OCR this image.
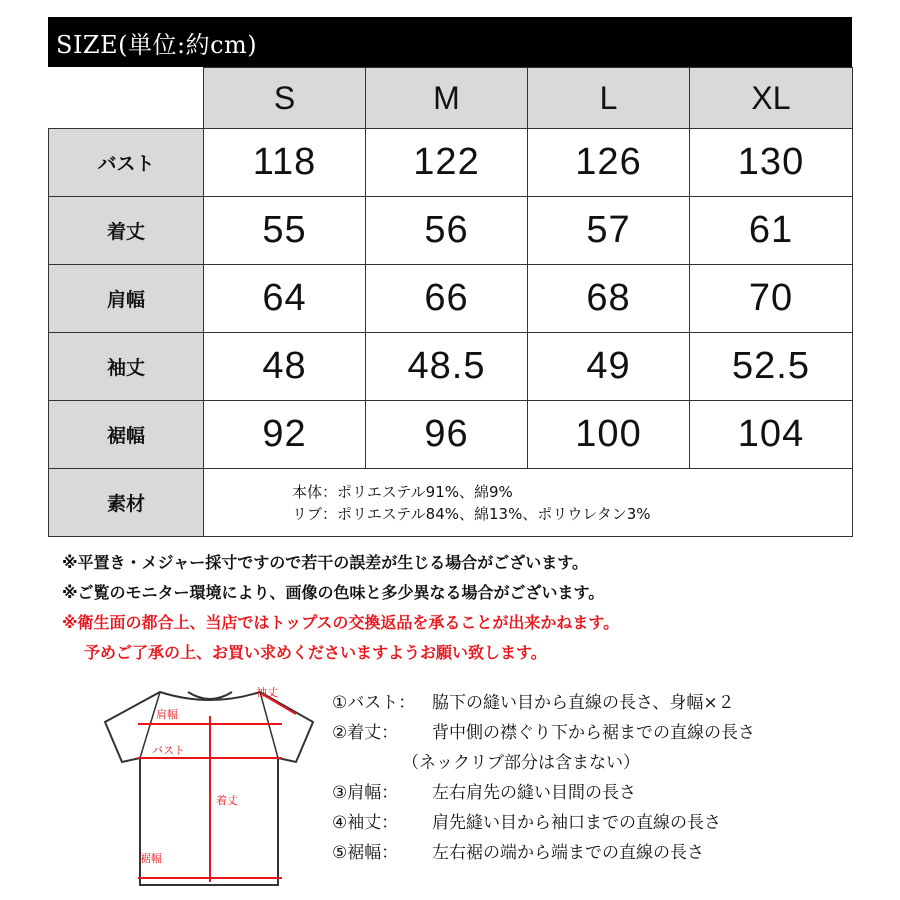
SIZE(単位:約cm)
	S	M	L	XL
バスト	118	122	126	130
着丈	55	56	57	61
肩幅	64	66	68	70
袖丈	48	48.5	49	52.5
裾幅	92	96	100	104
素材	本体：ポリエステル91%、綿9%
リブ：ポリエステル84%、綿13%、ポリウレタン3%			
※平置き・メジャー採寸ですので若干の誤差が生じる場合がございます。
※ご覧のモニター環境により、画像の色味と多少異なる場合がございます。
※衛生面の都合上、当店ではトップスの交換返品を承ることが出来かねます。
予めご了承の上、お買い求めくださいますようお願い致します。
袖丈
肩幅
バスト
着丈
裾幅
①バスト： 脇下の縫い目から直線の長さ、身幅×２
②着丈： 背中側の襟ぐり下から裾までの直線の長さ
（ネックリブ部分は含まない）
③肩幅： 左右肩先の縫い目間の長さ
④袖丈： 肩先縫い目から袖口までの直線の長さ
⑤裾幅： 左右裾の端から端までの直線の長さ
